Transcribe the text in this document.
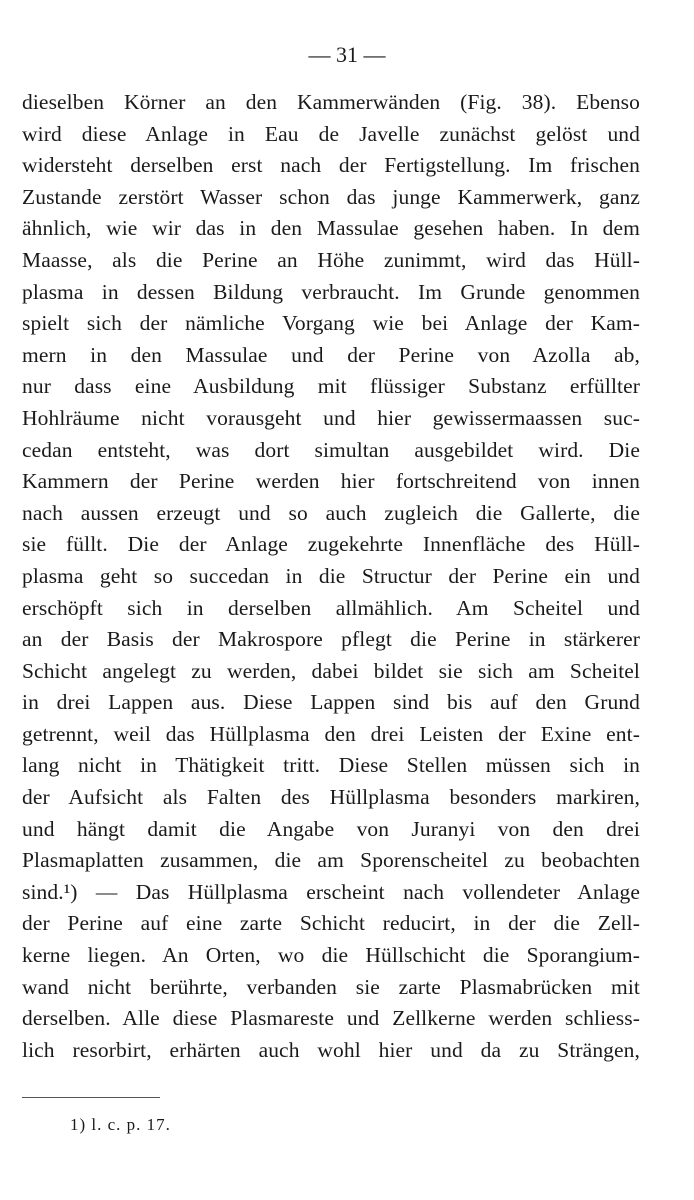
— 31 —
dieselben Körner an den Kammerwänden (Fig. 38). Ebenso
wird diese Anlage in Eau de Javelle zunächst gelöst und
widersteht derselben erst nach der Fertigstellung. Im frischen
Zustande zerstört Wasser schon das junge Kammerwerk, ganz
ähnlich, wie wir das in den Massulae gesehen haben. In dem
Maasse, als die Perine an Höhe zunimmt, wird das Hüll-
plasma in dessen Bildung verbraucht. Im Grunde genommen
spielt sich der nämliche Vorgang wie bei Anlage der Kam-
mern in den Massulae und der Perine von Azolla ab,
nur dass eine Ausbildung mit flüssiger Substanz erfüllter
Hohlräume nicht vorausgeht und hier gewissermaassen suc-
cedan entsteht, was dort simultan ausgebildet wird. Die
Kammern der Perine werden hier fortschreitend von innen
nach aussen erzeugt und so auch zugleich die Gallerte, die
sie füllt. Die der Anlage zugekehrte Innenfläche des Hüll-
plasma geht so succedan in die Structur der Perine ein und
erschöpft sich in derselben allmählich. Am Scheitel und
an der Basis der Makrospore pflegt die Perine in stärkerer
Schicht angelegt zu werden, dabei bildet sie sich am Scheitel
in drei Lappen aus. Diese Lappen sind bis auf den Grund
getrennt, weil das Hüllplasma den drei Leisten der Exine ent-
lang nicht in Thätigkeit tritt. Diese Stellen müssen sich in
der Aufsicht als Falten des Hüllplasma besonders markiren,
und hängt damit die Angabe von Juranyi von den drei
Plasmaplatten zusammen, die am Sporenscheitel zu beobachten
sind.¹) — Das Hüllplasma erscheint nach vollendeter Anlage
der Perine auf eine zarte Schicht reducirt, in der die Zell-
kerne liegen. An Orten, wo die Hüllschicht die Sporangium-
wand nicht berührte, verbanden sie zarte Plasmabrücken mit
derselben. Alle diese Plasmareste und Zellkerne werden schliess-
lich resorbirt, erhärten auch wohl hier und da zu Strängen,
1) l. c. p. 17.
